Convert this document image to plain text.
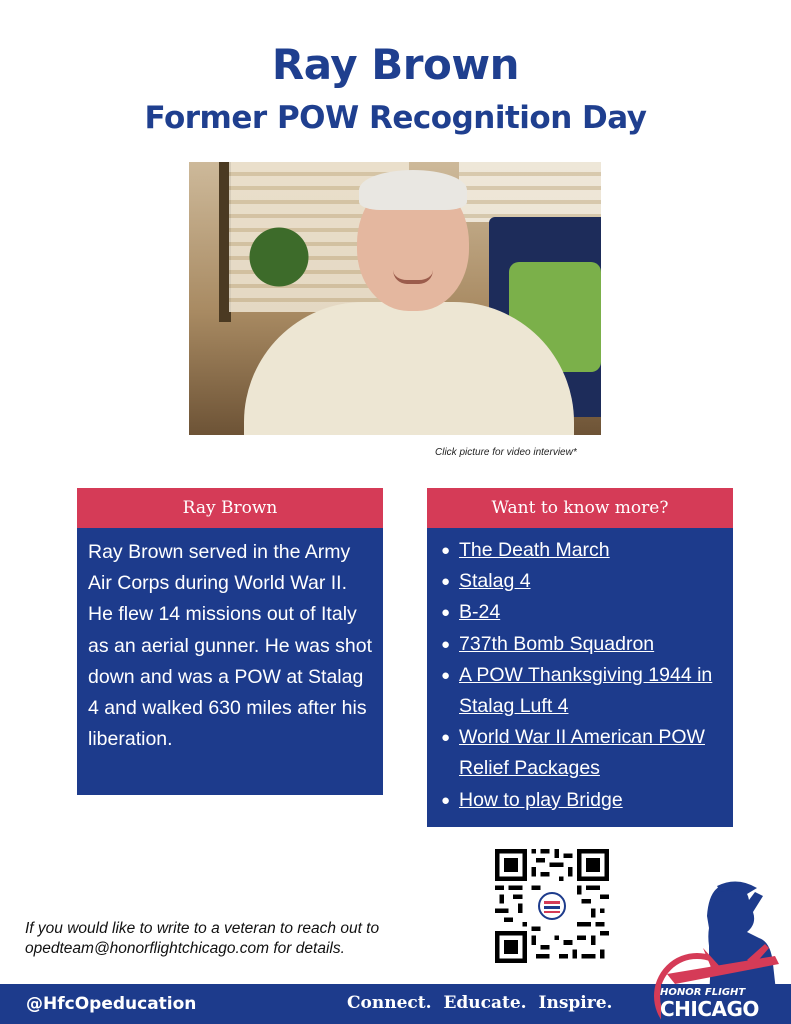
Ray Brown
Former POW Recognition Day
Click picture for video interview*
Ray Brown
Ray Brown served in the Army Air Corps during World War II. He flew 14 missions out of Italy as an aerial gunner. He was shot down and was a POW at Stalag 4 and walked 630 miles after his liberation.
Want to know more?
● The Death March
● Stalag 4
● B-24
● 737th Bomb Squadron
● A POW Thanksgiving 1944 in Stalag Luft 4
● World War II American POW Relief Packages
● How to play Bridge
If you would like to write to a veteran to reach out to
opedteam@honorflightchicago.com for details.
@HfcOpeducation	Connect. Educate. Inspire.
HONOR FLIGHT
CHICAGO
